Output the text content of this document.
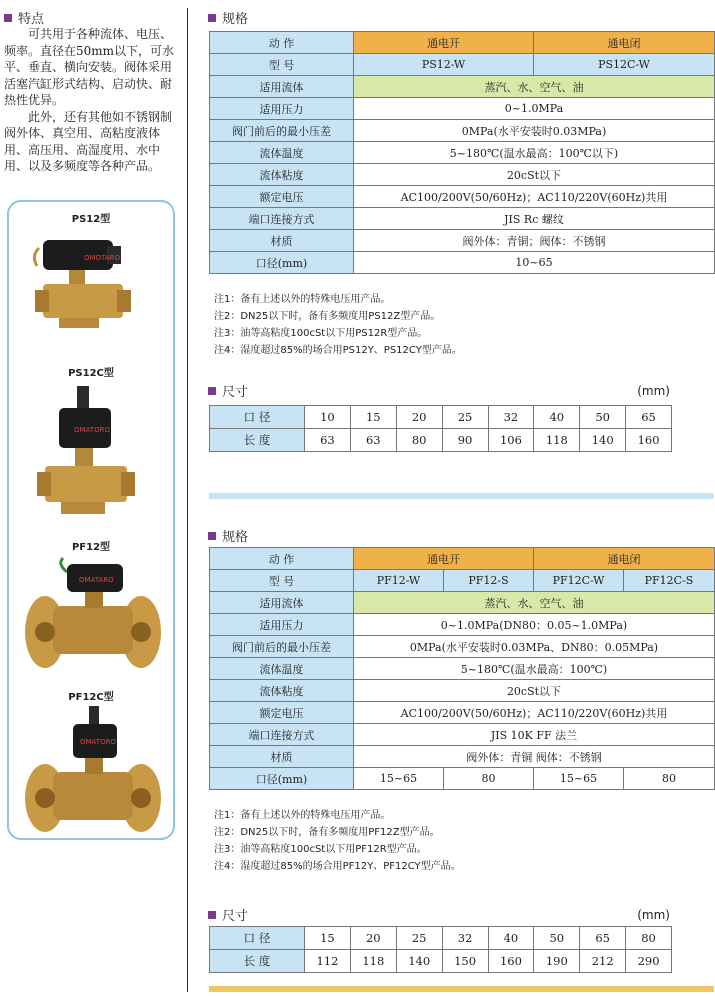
特点

可共用于各种流体、电压、频率。直径在50mm以下，可水平、垂直、横向安装。阀体采用活塞汽缸形式结构、启动快、耐热性优异。

此外，还有其他如不锈钢制阀外体、真空用、高粘度液体用、高压用、高湿度用、水中用、以及多频度等各种产品。

PS12型
OMOTARO
PS12C型
OMATORO
PF12型
OMATARO
PF12C型
OMATORO
规格
动 作	通电开	通电闭
型 号	PS12-W	PS12C-W
适用流体	蒸汽、水、空气、油	
适用压力	0~1.0MPa	
阀门前后的最小压差	0MPa(水平安装时0.03MPa)	
流体温度	5~180℃(温水最高：100℃以下)	
流体粘度	20cSt以下	
额定电压	AC100/200V(50/60Hz)；AC110/220V(60Hz)共用	
端口连接方式	JIS Rc 螺纹	
材质	阀外体：青铜；阀体：不锈钢	
口径(mm)	10~65	
注1：备有上述以外的特殊电压用产品。
注2：DN25以下时，备有多频度用PS12Z型产品。
注3：油等高粘度100cSt以下用PS12R型产品。
注4：湿度超过85%的场合用PS12Y、PS12CY型产品。
尺寸	(mm)
口 径	10	15	20	25	32	40	50	65
长 度	63	63	80	90	106	118	140	160
规格
动 作	通电开		通电闭	
型 号	PF12-W	PF12-S	PF12C-W	PF12C-S
适用流体	蒸汽、水、空气、油			
适用压力	0~1.0MPa(DN80：0.05~1.0MPa)			
阀门前后的最小压差	0MPa(水平安装时0.03MPa、DN80：0.05MPa)			
流体温度	5~180℃(温水最高：100℃)			
流体粘度	20cSt以下			
额定电压	AC100/200V(50/60Hz)；AC110/220V(60Hz)共用			
端口连接方式	JIS 10K FF 法兰			
材质	阀外体：青铜 阀体：不锈钢			
口径(mm)	15~65	80	15~65	80
注1：备有上述以外的特殊电压用产品。
注2：DN25以下时，备有多频度用PF12Z型产品。
注3：油等高粘度100cSt以下用PF12R型产品。
注4：湿度超过85%的场合用PF12Y、PF12CY型产品。
尺寸	(mm)
口 径	15	20	25	32	40	50	65	80
长 度	112	118	140	150	160	190	212	290
